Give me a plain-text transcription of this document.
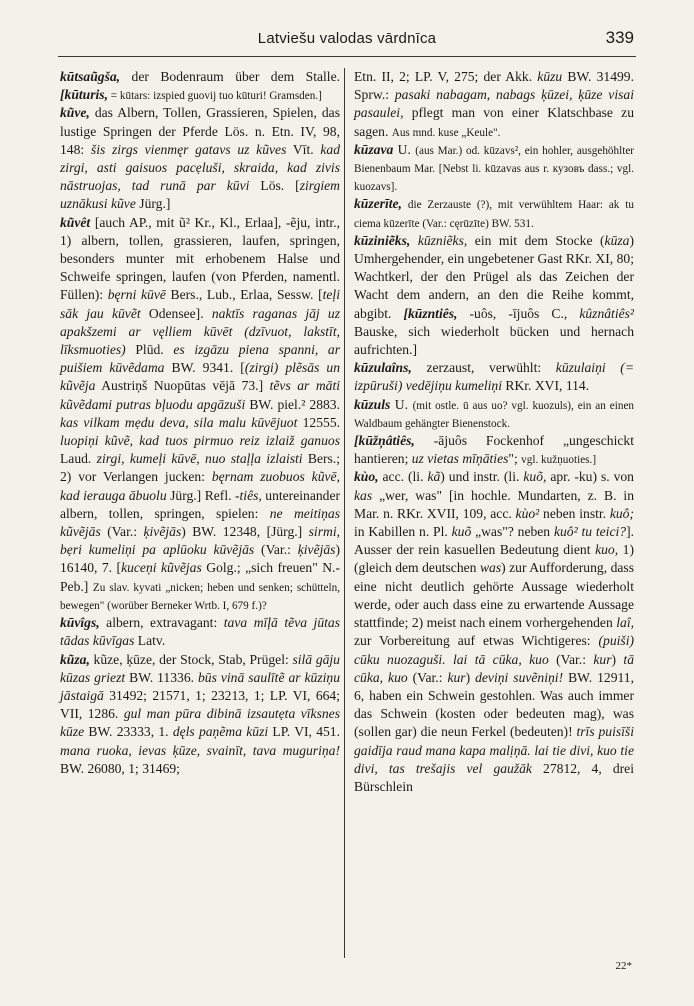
Latviešu valodas vārdnīca	339

kūtsaũgša, der Bodenraum über dem Stalle. [kūturis, = kūtars: izspied guovij tuo kūturi! Gramsden.]

kũve, das Albern, Tollen, Grassieren, Spielen, das lustige Springen der Pferde Lös. n. Etn. IV, 98, 148: šis zirgs vienmęr gatavs uz kũves Vīt. kad zirgi, asti gaisuos pacẹluši, skraida, kad zivis nāstruojas, tad runā par kūvi Lös. [zirgiem uznākusi kũve Jürg.]

kũvêt [auch AP., mit ũ² Kr., Kl., Erlaa], -ẽju, intr., 1) albern, tollen, grassieren, laufen, springen, besonders munter mit erhobenem Halse und Schweife springen, laufen (von Pferden, namentl. Füllen): bęrni kūvē Bers., Lub., Erlaa, Sessw. [teļi sāk jau kūvẽt Odensee]. naktīs raganas jāj uz apakšzemi ar vęlliem kūvēt (dzīvuot, lakstīt, līksmuoties) Plūd. es izgāzu piena spanni, ar puišiem kūvẽdama BW. 9341. [(zirgi) plẽsās un kũvẽja Austriņš Nuopūtas vējā 73.] tẽvs ar māti kũvẽdami putras bļuodu apgāzuši BW. piel.² 2883. kas vilkam mẹdu deva, sila malu kūvējuot 12555. luopiņi kũvẽ, kad tuos pirmuo reiz izlaiž ganuos Laud. zirgi, kumeļi kūvē, nuo staļļa izlaisti Bers.; 2) vor Verlangen jucken: bęrnam zuobuos kũvē, kad ierauga ābuolu Jürg.] Refl. -tiês, untereinander albern, tollen, springen, spielen: ne meitiņas kũvẽjās (Var.: ķivẽjās) BW. 12348, [Jürg.] sirmi, bẹri kumeliņi pa aplūoku kūvẽjās (Var.: ķivẽjās) 16140, 7. [kuceņi kũvẽjas Golg.; „sich freuen" N.-Peb.] Zu slav. kyvati „nicken; heben und senken; schütteln, bewegen" (worüber Berneker Wrtb. I, 679 f.)?

kūvîgs, albern, extravagant: tava mīļā tẽva jūtas tādas kūvīgas Latv.

kũza, kũze, ķūze, der Stock, Stab, Prügel: silā gāju kūzas griezt BW. 11336. būs vinā saulītẽ ar kūziņu jāstaigā 31492; 21571, 1; 23213, 1; LP. VI, 664; VII, 1286. gul man pūra dibinā izsautẹta vīksnes kūze BW. 23333, 1. dęls paņẽma kūzi LP. VI, 451. mana ruoka, ievas ķūze, svainīt, tava muguriņa! BW. 26080, 1; 31469;

Etn. II, 2; LP. V, 275; der Akk. kūzu BW. 31499. Sprw.: pasaki nabagam, nabags ķūzei, ķūze visai pasaulei, pflegt man von einer Klatschbase zu sagen. Aus mnd. kuse „Keule".

kūzava U. (aus Mar.) od. kūzavs², ein hohler, ausgehöhlter Bienenbaum Mar. [Nebst li. kūzavas aus r. кузовъ dass.; vgl. kuozavs].

kūzerīte, die Zerzauste (?), mit verwühltem Haar: ak tu ciema kūzerīte (Var.: cęrūzīte) BW. 531.

kūziniẽks, kūzniẽks, ein mit dem Stocke (kūza) Umhergehender, ein ungebetener Gast RKr. XI, 80; Wachtkerl, der den Prügel als das Zeichen der Wacht dem andern, an den die Reihe kommt, abgibt. [kūzntiês, -uôs, -ījuôs C., kûznâtiês² Bauske, sich wiederholt bücken und hernach aufrichten.]

kūzulaîns, zerzaust, verwühlt: kūzulaiņi (= izpūruši) vedējiņu kumeliņi RKr. XVI, 114.

kūzuls U. (mit ostle. ū aus uo? vgl. kuozuls), ein an einen Waldbaum gehängter Bienenstock.

[kūžņâtiês, -ājuôs Fockenhof „ungeschickt hantieren; uz vietas mīņāties"; vgl. kužņuoties.]

kùo, acc. (li. kã) und instr. (li. kuõ, apr. -ku) s. von kas „wer, was" [in hochle. Mundarten, z. B. in Mar. n. RKr. XVII, 109, acc. kùo² neben instr. kuô; in Kabillen n. Pl. kuõ „was"? neben kuô² tu teici?]. Ausser der rein kasuellen Bedeutung dient kuo, 1) (gleich dem deutschen was) zur Aufforderung, dass eine nicht deutlich gehörte Aussage wiederholt werde, oder auch dass eine zu erwartende Aussage stattfinde; 2) meist nach einem vorhergehenden laî, zur Vorbereitung auf etwas Wichtigeres: (puiši) cūku nuozaguši. lai tā cūka, kuo (Var.: kur) tā cūka, kuo (Var.: kur) deviņi suvẽniņi! BW. 12911, 6, haben ein Schwein gestohlen. Was auch immer das Schwein (kosten oder bedeuten mag), was (sollen gar) die neun Ferkel (bedeuten)! trīs puisīši gaidīja raud mana kapa malịņā. lai tie divi, kuo tie divi, tas trešajis vel gaužāk 27812, 4, drei Bürschlein

22*
